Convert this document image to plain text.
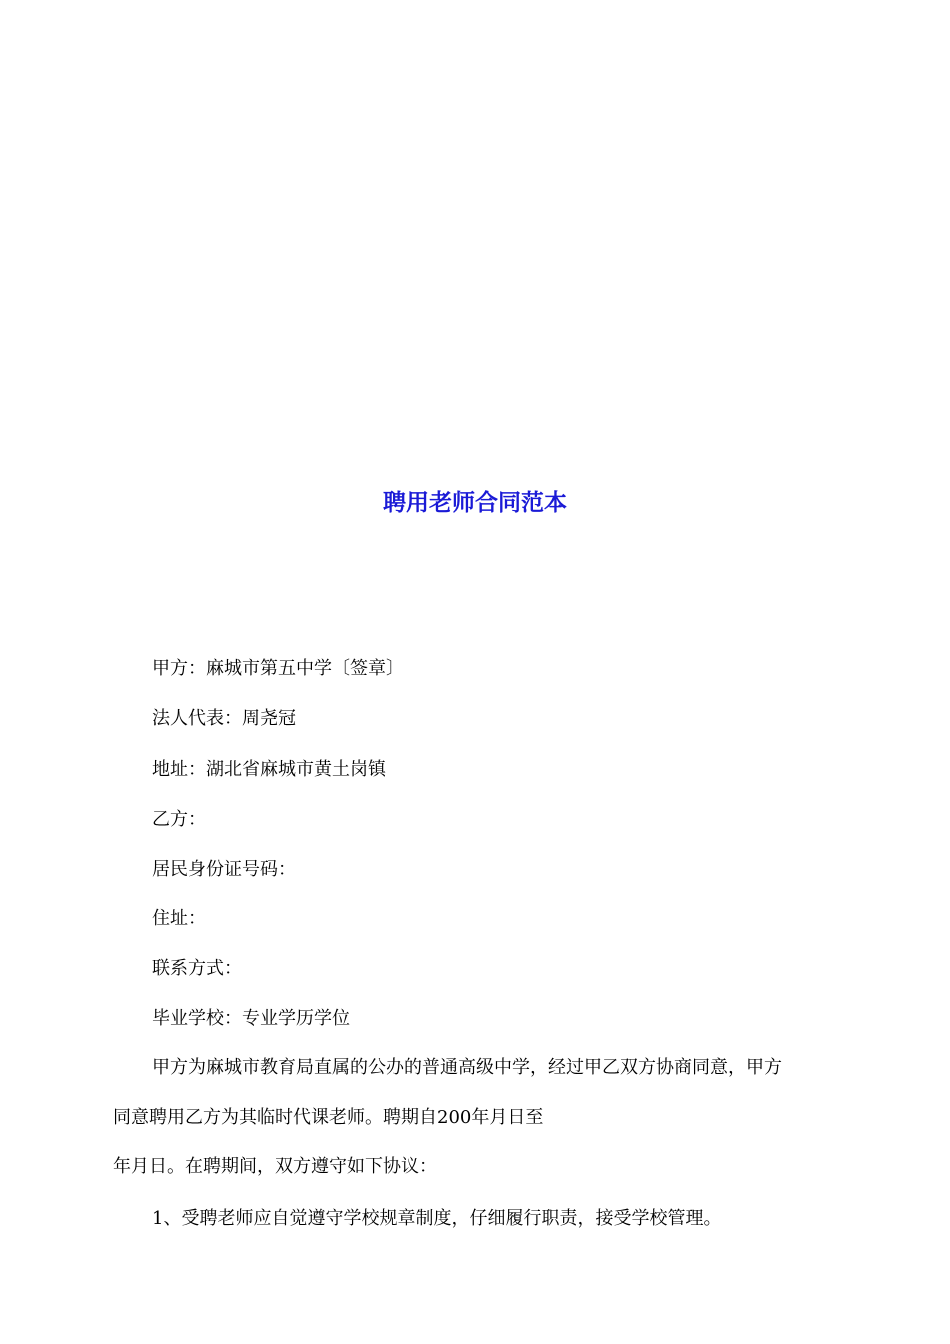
聘用老师合同范本

甲方：麻城市第五中学〔签章〕

法人代表：周尧冠

地址：湖北省麻城市黄土岗镇

乙方：

居民身份证号码：

住址：

联系方式：

毕业学校：专业学历学位

甲方为麻城市教育局直属的公办的普通高级中学，经过甲乙双方协商同意，甲方

同意聘用乙方为其临时代课老师。聘期自200年月日至

年月日。在聘期间，双方遵守如下协议：

1、受聘老师应自觉遵守学校规章制度，仔细履行职责，接受学校管理。
